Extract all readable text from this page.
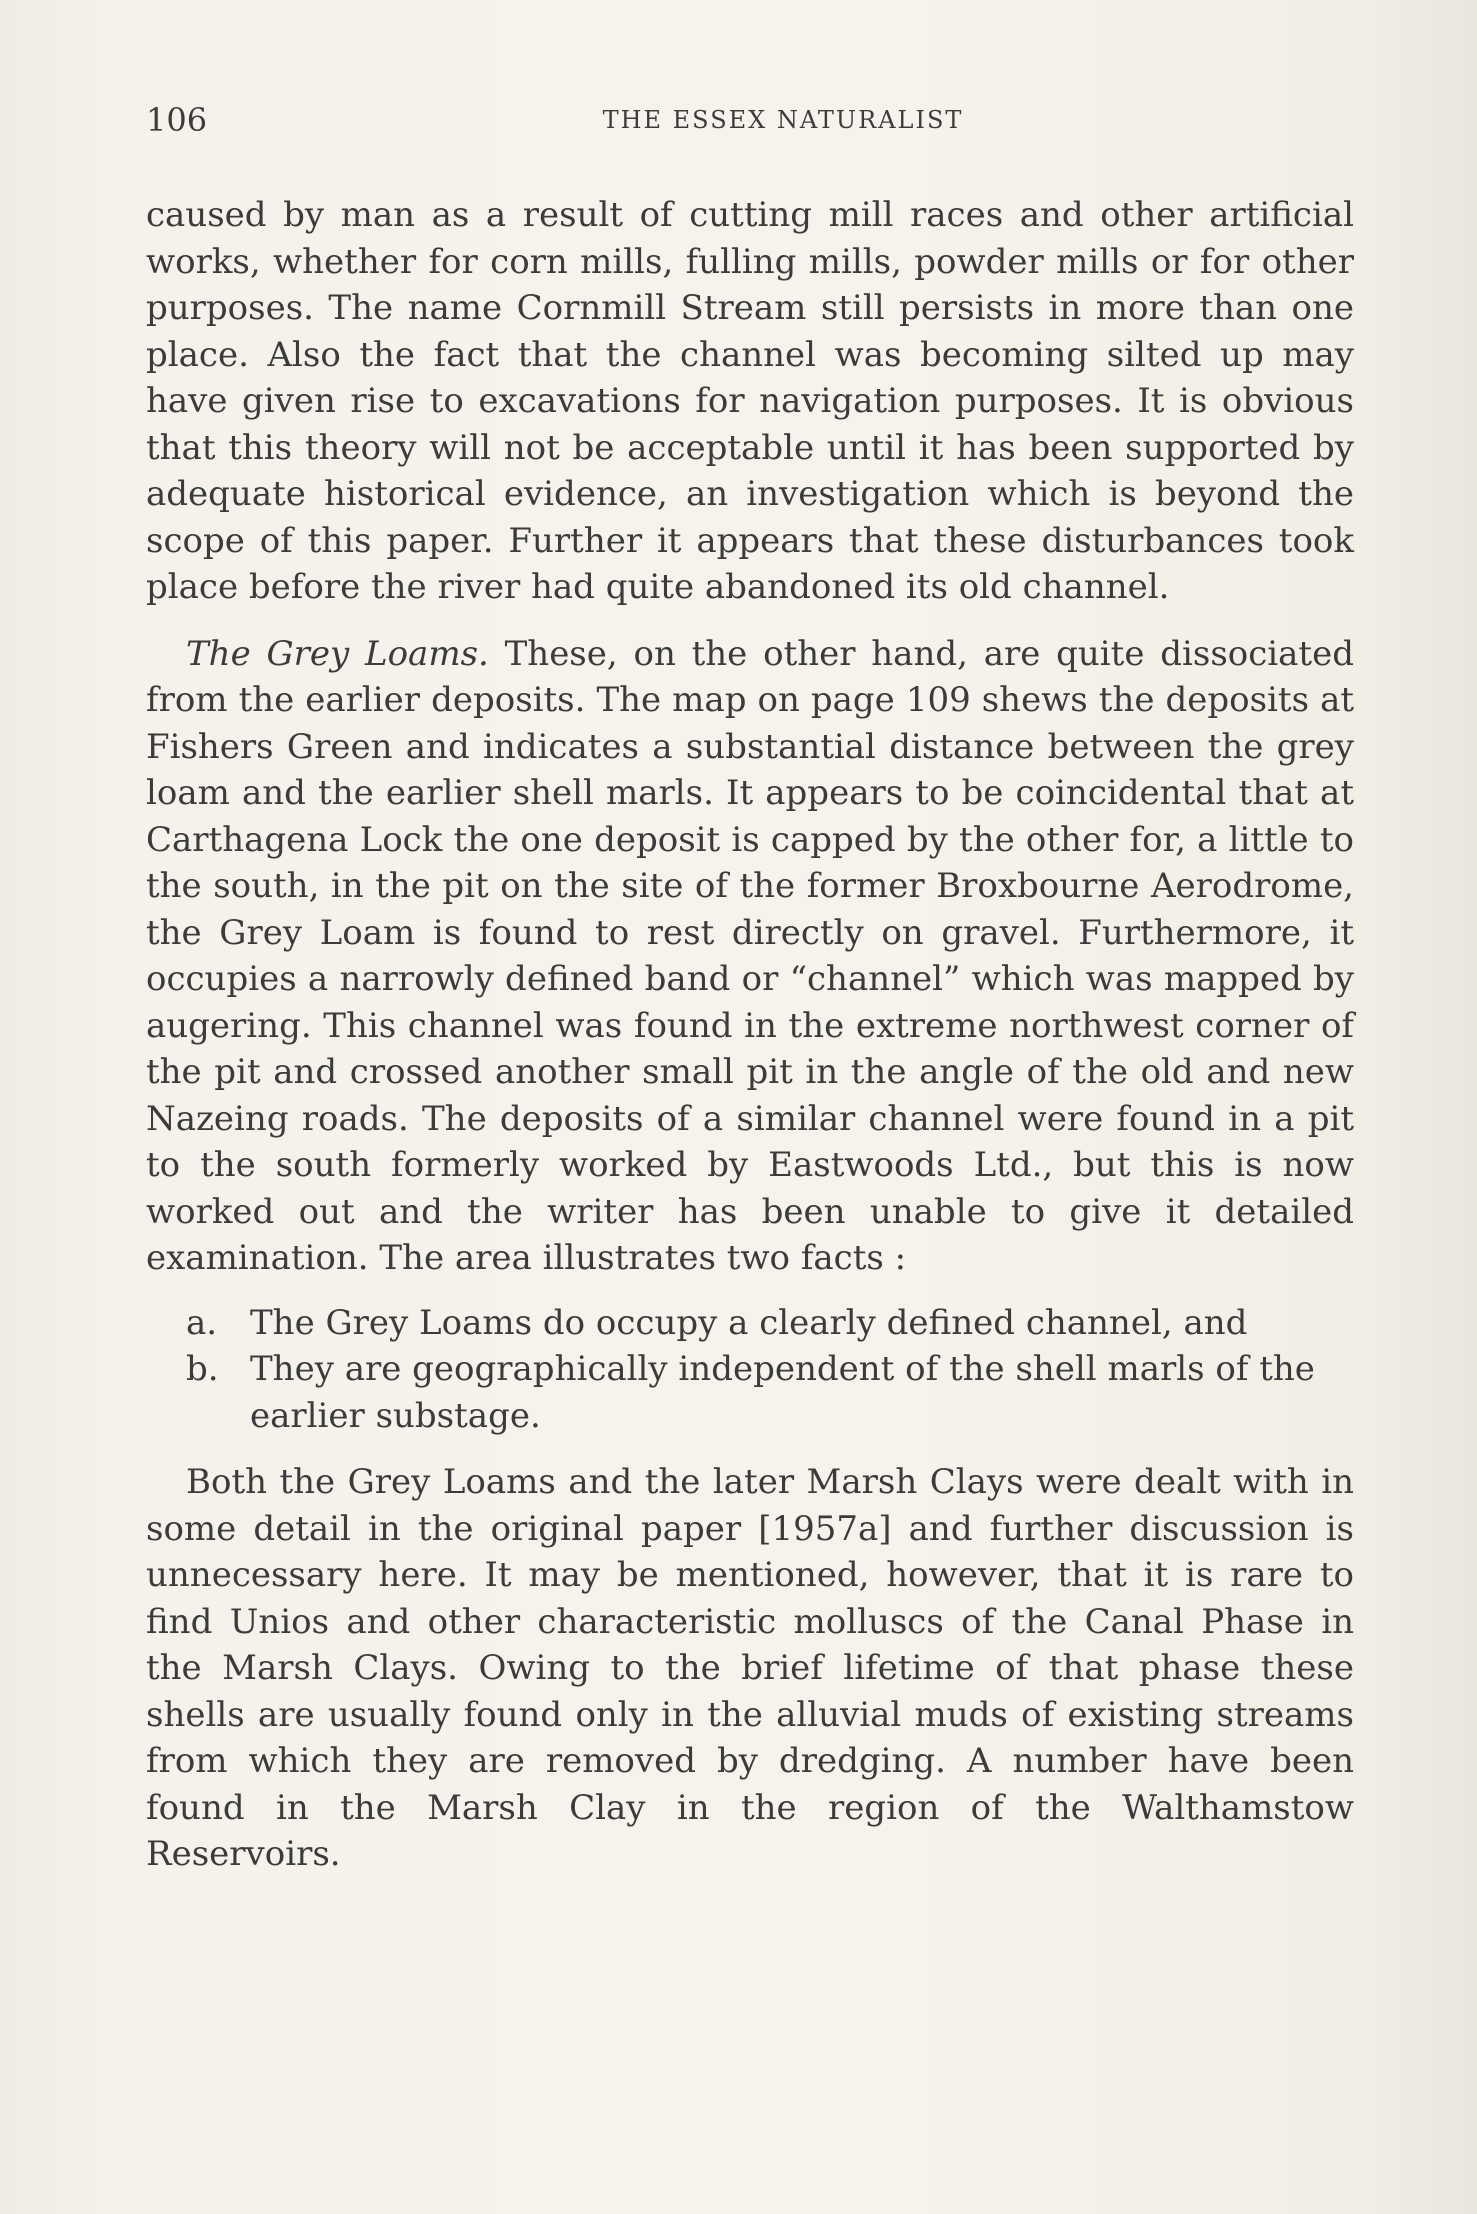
106	THE ESSEX NATURALIST

caused by man as a result of cutting mill races and other artificial works, whether for corn mills, fulling mills, powder mills or for other purposes. The name Cornmill Stream still persists in more than one place. Also the fact that the channel was becoming silted up may have given rise to excavations for navigation purposes. It is obvious that this theory will not be acceptable until it has been supported by adequate historical evidence, an investigation which is beyond the scope of this paper. Further it appears that these disturbances took place before the river had quite abandoned its old channel.

The Grey Loams. These, on the other hand, are quite dissociated from the earlier deposits. The map on page 109 shews the deposits at Fishers Green and indicates a substantial distance between the grey loam and the earlier shell marls. It appears to be coincidental that at Carthagena Lock the one deposit is capped by the other for, a little to the south, in the pit on the site of the former Broxbourne Aerodrome, the Grey Loam is found to rest directly on gravel. Furthermore, it occupies a narrowly defined band or “channel” which was mapped by augering. This channel was found in the extreme northwest corner of the pit and crossed another small pit in the angle of the old and new Nazeing roads. The deposits of a similar channel were found in a pit to the south formerly worked by Eastwoods Ltd., but this is now worked out and the writer has been unable to give it detailed examination. The area illustrates two facts :

a. The Grey Loams do occupy a clearly defined channel, and
b. They are geographically independent of the shell marls of the earlier substage.

Both the Grey Loams and the later Marsh Clays were dealt with in some detail in the original paper [1957a] and further discussion is unnecessary here. It may be mentioned, however, that it is rare to find Unios and other characteristic molluscs of the Canal Phase in the Marsh Clays. Owing to the brief lifetime of that phase these shells are usually found only in the alluvial muds of existing streams from which they are removed by dredging. A number have been found in the Marsh Clay in the region of the Walthamstow Reservoirs.
